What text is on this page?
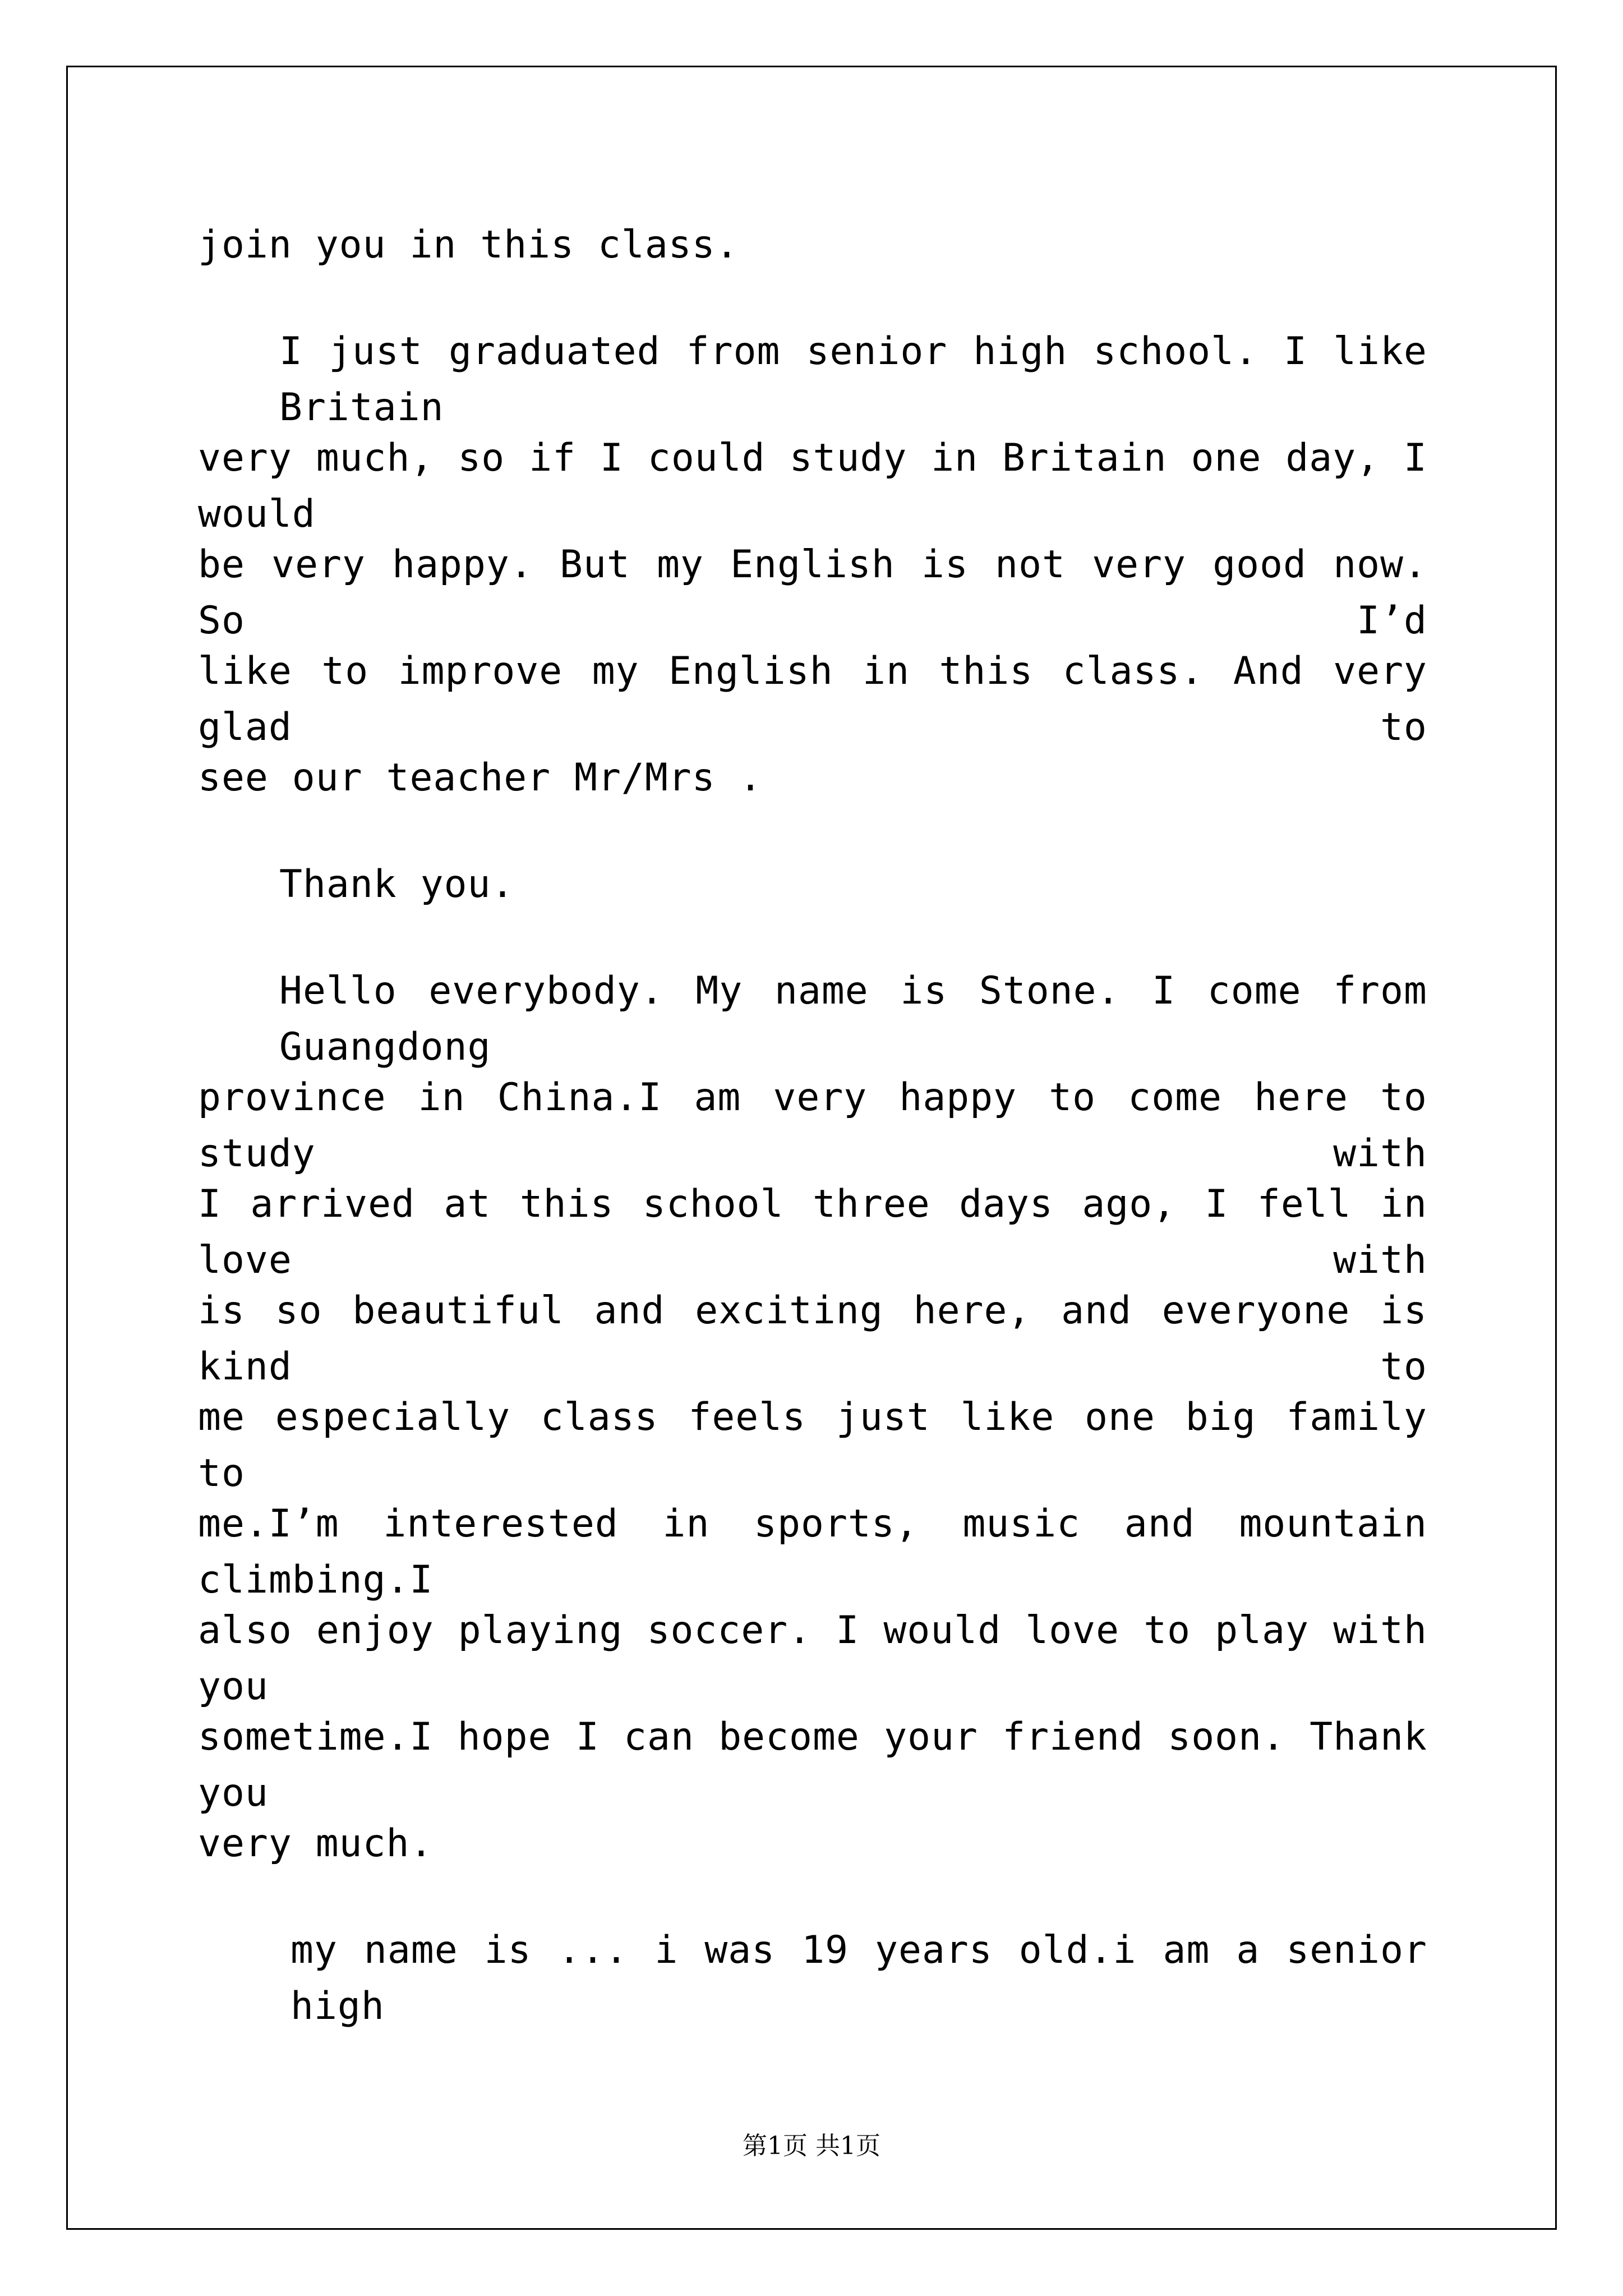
join you in this class.
I just graduated from senior high school. I like Britain
very much, so if I could study in Britain one day, I would
be very happy. But my English is not very good now. So I’d
like to improve my English in this class. And very glad to
see our teacher Mr/Mrs .
Thank you.
Hello everybody. My name is Stone. I come from Guangdong
province in China.I am very happy to come here to study with
I arrived at this school three days ago, I fell in love with
is so beautiful and exciting here, and everyone is kind to
me especially class feels just like one big family to
me.I’m interested in sports, music and mountain climbing.I
also enjoy playing soccer. I would love to play with you
sometime.I hope I can become your friend soon. Thank you
very much.
my name is ... i was 19 years old.i am a senior high
第1页 共1页
